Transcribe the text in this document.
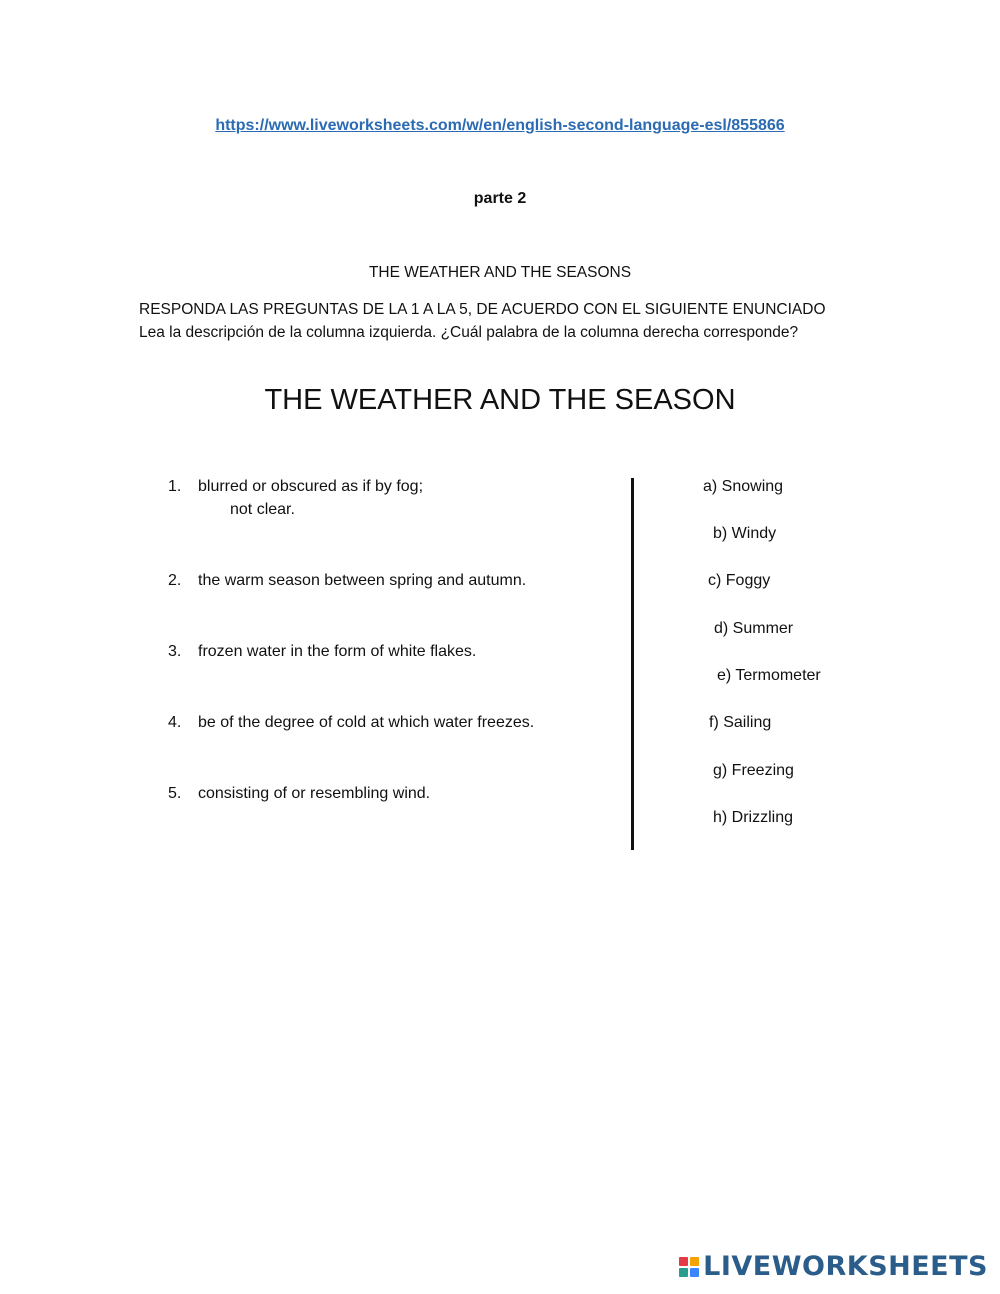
https://www.liveworksheets.com/w/en/english-second-language-esl/855866
parte 2
THE WEATHER AND THE SEASONS
RESPONDA LAS PREGUNTAS DE LA 1 A LA 5, DE ACUERDO CON EL SIGUIENTE ENUNCIADO
Lea la descripción de la columna izquierda. ¿Cuál palabra de la columna derecha corresponde?
THE WEATHER AND THE SEASON
1. blurred or obscured as if by fog;
not clear.
2. the warm season between spring and autumn.
3. frozen water in the form of white flakes.
4. be of the degree of cold at which water freezes.
5. consisting of or resembling wind.
a) Snowing
b) Windy
c) Foggy
d) Summer
e) Termometer
f) Sailing
g) Freezing
h) Drizzling
LIVEWORKSHEETS
